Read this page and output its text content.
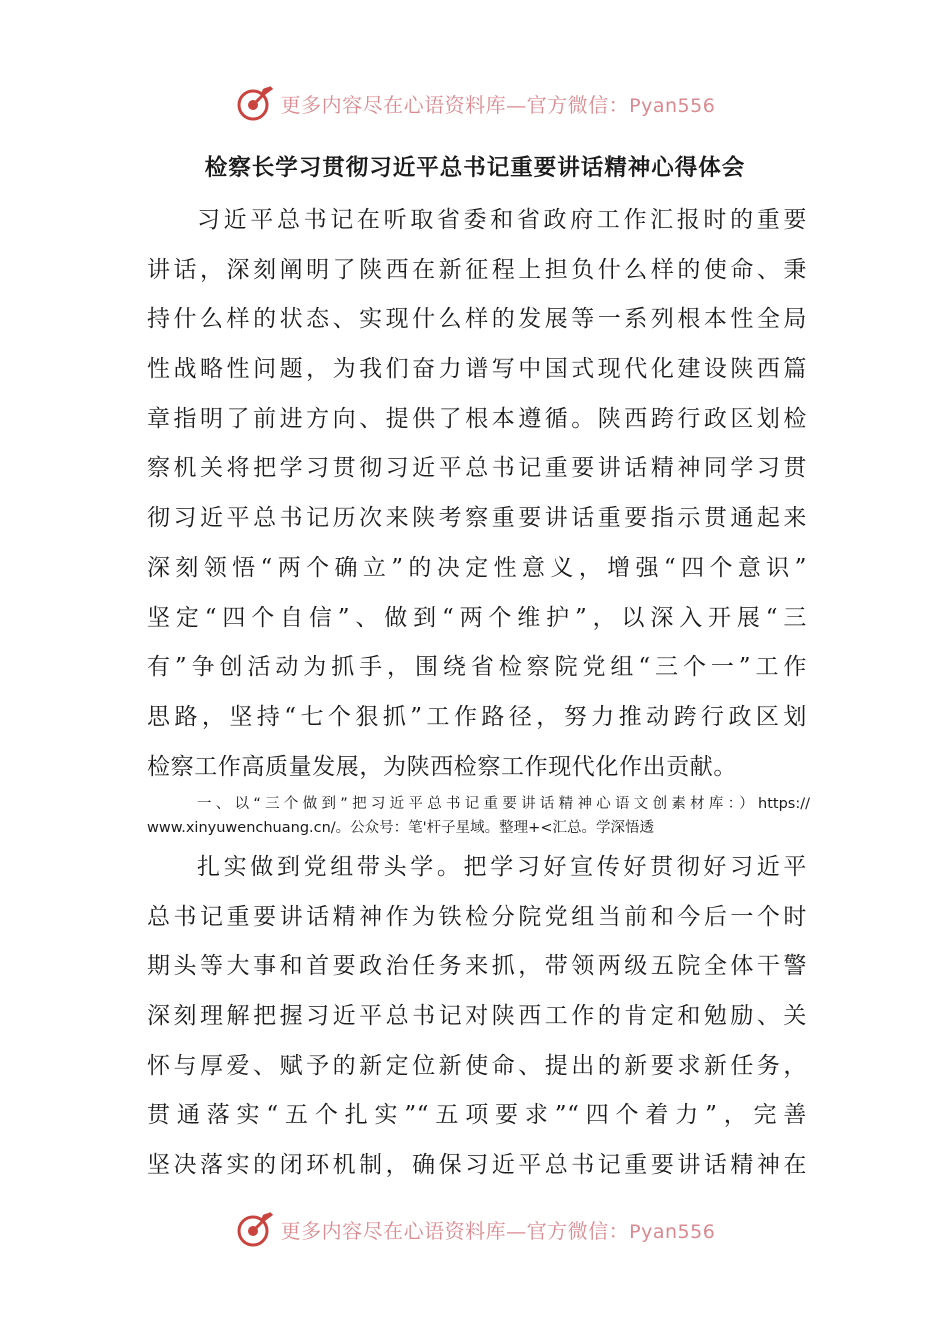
更多内容尽在心语资料库—官方微信：Pyan556
检察长学习贯彻习近平总书记重要讲话精神心得体会
习近平总书记在听取省委和省政府工作汇报时的重要
讲话，深刻阐明了陕西在新征程上担负什么样的使命、秉
持什么样的状态、实现什么样的发展等一系列根本性全局
性战略性问题，为我们奋力谱写中国式现代化建设陕西篇
章指明了前进方向、提供了根本遵循。陕西跨行政区划检
察机关将把学习贯彻习近平总书记重要讲话精神同学习贯
彻习近平总书记历次来陕考察重要讲话重要指示贯通起来
深刻领悟“两个确立”的决定性意义，增强“四个意识”
坚定“四个自信”、做到“两个维护”，以深入开展“三
有”争创活动为抓手，围绕省检察院党组“三个一”工作
思路，坚持“七个狠抓”工作路径，努力推动跨行政区划
检察工作高质量发展，为陕西检察工作现代化作出贡献。
一、以“三个做到”把习近平总书记重要讲话精神心语文创素材库：）https://
www.xinyuwenchuang.cn/。公众号：笔'杆子星域。整理+<汇总。学深悟透
扎实做到党组带头学。把学习好宣传好贯彻好习近平
总书记重要讲话精神作为铁检分院党组当前和今后一个时
期头等大事和首要政治任务来抓，带领两级五院全体干警
深刻理解把握习近平总书记对陕西工作的肯定和勉励、关
怀与厚爱、赋予的新定位新使命、提出的新要求新任务，
贯通落实“五个扎实”“五项要求”“四个着力”，完善
坚决落实的闭环机制，确保习近平总书记重要讲话精神在
更多内容尽在心语资料库—官方微信：Pyan556
